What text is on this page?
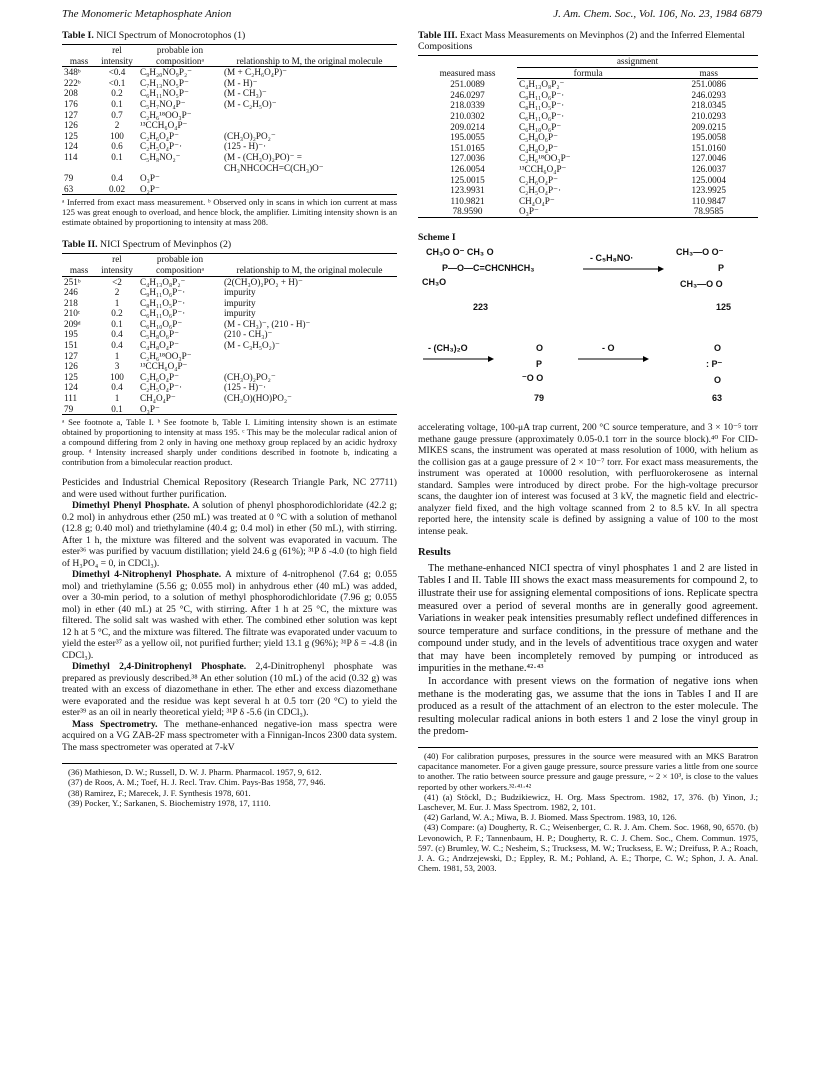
The Monomeric Metaphosphate Anion	J. Am. Chem. Soc., Vol. 106, No. 23, 1984 6879
Table I. NICI Spectrum of Monocrotophos (1)
mass	rel intensity	probable ion compositionᵃ	relationship to M, the original molecule
348ᵇ	<0.4	C₉H₂₀NO₉P₂⁻	(M + C₂H₆O₄P)⁻
222ᵇ	<0.1	C₇H₁₃NO₅P⁻	(M - H)⁻
208	0.2	C₆H₁₁NO₅P⁻	(M - CH₃)⁻
176	0.1	C₅H₇NO₄P⁻	(M - C₂H₅O)⁻
127	0.7	C₂H₆¹⁸OO₃P⁻	
126	2	¹³CCH₆O₄P⁻	
125	100	C₂H₆O₄P⁻	(CH₃O)₂PO₂⁻
124	0.6	C₂H₅O₄P⁻·	(125 - H)⁻·
114	0.1	C₅H₈NO₂⁻	(M - (CH₃O)₂PO)⁻ =
			CH₃NHCOCH=C(CH₃)O⁻
79	0.4	O₃P⁻	
63	0.02	O₂P⁻	
ᵃ Inferred from exact mass measurement. ᵇ Observed only in scans in which ion current at mass 125 was great enough to overload, and hence block, the amplifier. Limiting intensity shown is an estimate obtained by proportioning to intensity at mass 208.
Table II. NICI Spectrum of Mevinphos (2)
mass	rel intensity	probable ion compositionᵃ	relationship to M, the original molecule
251ᵇ	<2	C₄H₁₃O₈P₂⁻	(2(CH₃O)₂PO₂ + H)⁻
246	2	C₉H₁₁O₆P⁻·	impurity
218	1	C₈H₁₁O₅P⁻·	impurity
210ᶜ	0.2	C₆H₁₁O₆P⁻·	impurity
209ᵈ	0.1	C₆H₁₀O₆P⁻	(M - CH₃)⁻, (210 - H)⁻
195	0.4	C₅H₈O₆P⁻	(210 - CH₃)⁻
151	0.4	C₄H₈O₄P⁻	(M - C₃H₅O₂)⁻
127	1	C₂H₆¹⁸OO₃P⁻	
126	3	¹³CCH₆O₄P⁻	
125	100	C₂H₆O₄P⁻	(CH₃O)₂PO₂⁻
124	0.4	C₂H₅O₄P⁻·	(125 - H)⁻·
111	1	CH₄O₄P⁻	(CH₃O)(HO)PO₂⁻
79	0.1	O₃P⁻	
ᵃ See footnote a, Table I. ᵇ See footnote b, Table I. Limiting intensity shown is an estimate obtained by proportioning to intensity at mass 195. ᶜ This may be the molecular radical anion of a compound differing from 2 only in having one methoxy group replaced by an acidic hydroxy group. ᵈ Intensity increased sharply under conditions described in footnote b, indicating a contribution from a bimolecular reaction product.

Pesticides and Industrial Chemical Repository (Research Triangle Park, NC 27711) and were used without further purification.

Dimethyl Phenyl Phosphate. A solution of phenyl phosphorodichloridate (42.2 g; 0.2 mol) in anhydrous ether (250 mL) was treated at 0 °C with a solution of methanol (12.8 g; 0.40 mol) and triethylamine (40.4 g; 0.4 mol) in ether (50 mL), with stirring. After 1 h, the mixture was filtered and the solvent was evaporated in vacuum. The ester³⁶ was purified by vacuum distillation; yield 24.6 g (61%); ³¹P δ -4.0 (to high field of H₃PO₄ = 0, in CDCl₃).

Dimethyl 4-Nitrophenyl Phosphate. A mixture of 4-nitrophenol (7.64 g; 0.055 mol) and triethylamine (5.56 g; 0.055 mol) in anhydrous ether (40 mL) was added, over a 30-min period, to a solution of methyl phosphorodichloridate (7.96 g; 0.055 mol) in ether (40 mL) at 25 °C, with stirring. After 1 h at 25 °C, the mixture was filtered. The solid salt was washed with ether. The combined ether solution was kept 12 h at 5 °C, and the mixture was filtered. The filtrate was evaporated under vacuum to yield the ester³⁷ as a yellow oil, not purified further; yield 13.1 g (96%); ³¹P δ = -4.8 (in CDCl₃).

Dimethyl 2,4-Dinitrophenyl Phosphate. 2,4-Dinitrophenyl phosphate was prepared as previously described.³⁸ An ether solution (10 mL) of the acid (0.32 g) was treated with an excess of diazomethane in ether. The ether and excess diazomethane were evaporated and the residue was kept several h at 0.5 torr (20 °C) to yield the ester³⁹ as an oil in nearly theoretical yield; ³¹P δ -5.6 (in CDCl₃).

Mass Spectrometry. The methane-enhanced negative-ion mass spectra were acquired on a VG ZAB-2F mass spectrometer with a Finnigan-Incos 2300 data system. The mass spectrometer was operated at 7-kV

(36) Mathieson, D. W.; Russell, D. W. J. Pharm. Pharmacol. 1957, 9, 612.

(37) de Roos, A. M.; Toef, H. J. Recl. Trav. Chim. Pays-Bas 1958, 77, 946.

(38) Ramirez, F.; Marecek, J. F. Synthesis 1978, 601.

(39) Pocker, Y.; Sarkanen, S. Biochemistry 1978, 17, 1110.

Table III. Exact Mass Measurements on Mevinphos (2) and the Inferred Elemental Compositions
measured mass	assignment	
	formula	mass
251.0089	C₄H₁₃O₈P₂⁻	251.0086
246.0297	C₉H₁₁O₆P⁻·	246.0293
218.0339	C₈H₁₁O₅P⁻·	218.0345
210.0302	C₆H₁₁O₆P⁻·	210.0293
209.0214	C₆H₁₀O₆P⁻	209.0215
195.0055	C₅H₈O₆P⁻	195.0058
151.0165	C₄H₈O₄P⁻	151.0160
127.0036	C₂H₆¹⁸OO₃P⁻	127.0046
126.0054	¹³CCH₆O₄P⁻	126.0037
125.0015	C₂H₆O₄P⁻	125.0004
123.9931	C₂H₅O₄P⁻·	123.9925
110.9821	CH₄O₄P⁻	110.9847
78.9590	O₃P⁻	78.9585
Scheme I
CH₃O O⁻ CH₃ O
P—O—C=CHCNHCH₃
CH₃O
223
- C₅H₈NO·
CH₃—O O⁻
P
CH₃—O O
125
- (CH₃)₂O	O
P
⁻O O
79
- O	O
: P⁻
O
63

accelerating voltage, 100-μA trap current, 200 °C source temperature, and 3 × 10⁻⁵ torr methane gauge pressure (approximately 0.05-0.1 torr in the source block).⁴⁰ For CID-MIKES scans, the instrument was operated at mass resolution of 1000, with helium as the collision gas at a gauge pressure of 2 × 10⁻⁷ torr. For exact mass measurements, the instrument was operated at 10000 resolution, with perfluorokerosene as internal standard. Samples were introduced by direct probe. For the high-voltage precursor scans, the daughter ion of interest was focused at 3 kV, the magnetic field and electric-analyzer field fixed, and the high voltage scanned from 2 to 8.5 kV. In all spectra reported here, the intensity scale is defined by assigning a value of 100 to the most intense peak.

Results

The methane-enhanced NICI spectra of vinyl phosphates 1 and 2 are listed in Tables I and II. Table III shows the exact mass measurements for compound 2, to illustrate their use for assigning elemental compositions of ions. Replicate spectra measured over a period of several months are in generally good agreement. Variations in weaker peak intensities presumably reflect undefined differences in source temperature and surface conditions, in the pressure of methane and the compound under study, and in the levels of adventitious trace oxygen and water that may have been incompletely removed by pumping or introduced as impurities in the methane.⁴²·⁴³

In accordance with present views on the formation of negative ions when methane is the moderating gas, we assume that the ions in Tables I and II are produced as a result of the attachment of an electron to the ester molecule. The resulting molecular radical anions in both esters 1 and 2 lose the vinyl group in the predom-

(40) For calibration purposes, pressures in the source were measured with an MKS Baratron capacitance manometer. For a given gauge pressure, source pressure varies a little from one source to another. The ratio between source pressure and gauge pressure, ~ 2 × 10³, is close to the values reported by other workers.³²·⁴¹·⁴²

(41) (a) Stöckl, D.; Budzikiewicz, H. Org. Mass Spectrom. 1982, 17, 376. (b) Yinon, J.; Laschever, M. Eur. J. Mass Spectrom. 1982, 2, 101.

(42) Garland, W. A.; Miwa, B. J. Biomed. Mass Spectrom. 1983, 10, 126.

(43) Compare: (a) Dougherty, R. C.; Weisenberger, C. R. J. Am. Chem. Soc. 1968, 90, 6570. (b) Levonowich, P. F.; Tannenbaum, H. P.; Dougherty, R. C. J. Chem. Soc., Chem. Commun. 1975, 597. (c) Brumley, W. C.; Nesheim, S.; Trucksess, M. W.; Trucksess, E. W.; Dreifuss, P. A.; Roach, J. A. G.; Andrzejewski, D.; Eppley, R. M.; Pohland, A. E.; Thorpe, C. W.; Sphon, J. A. Anal. Chem. 1981, 53, 2003.
